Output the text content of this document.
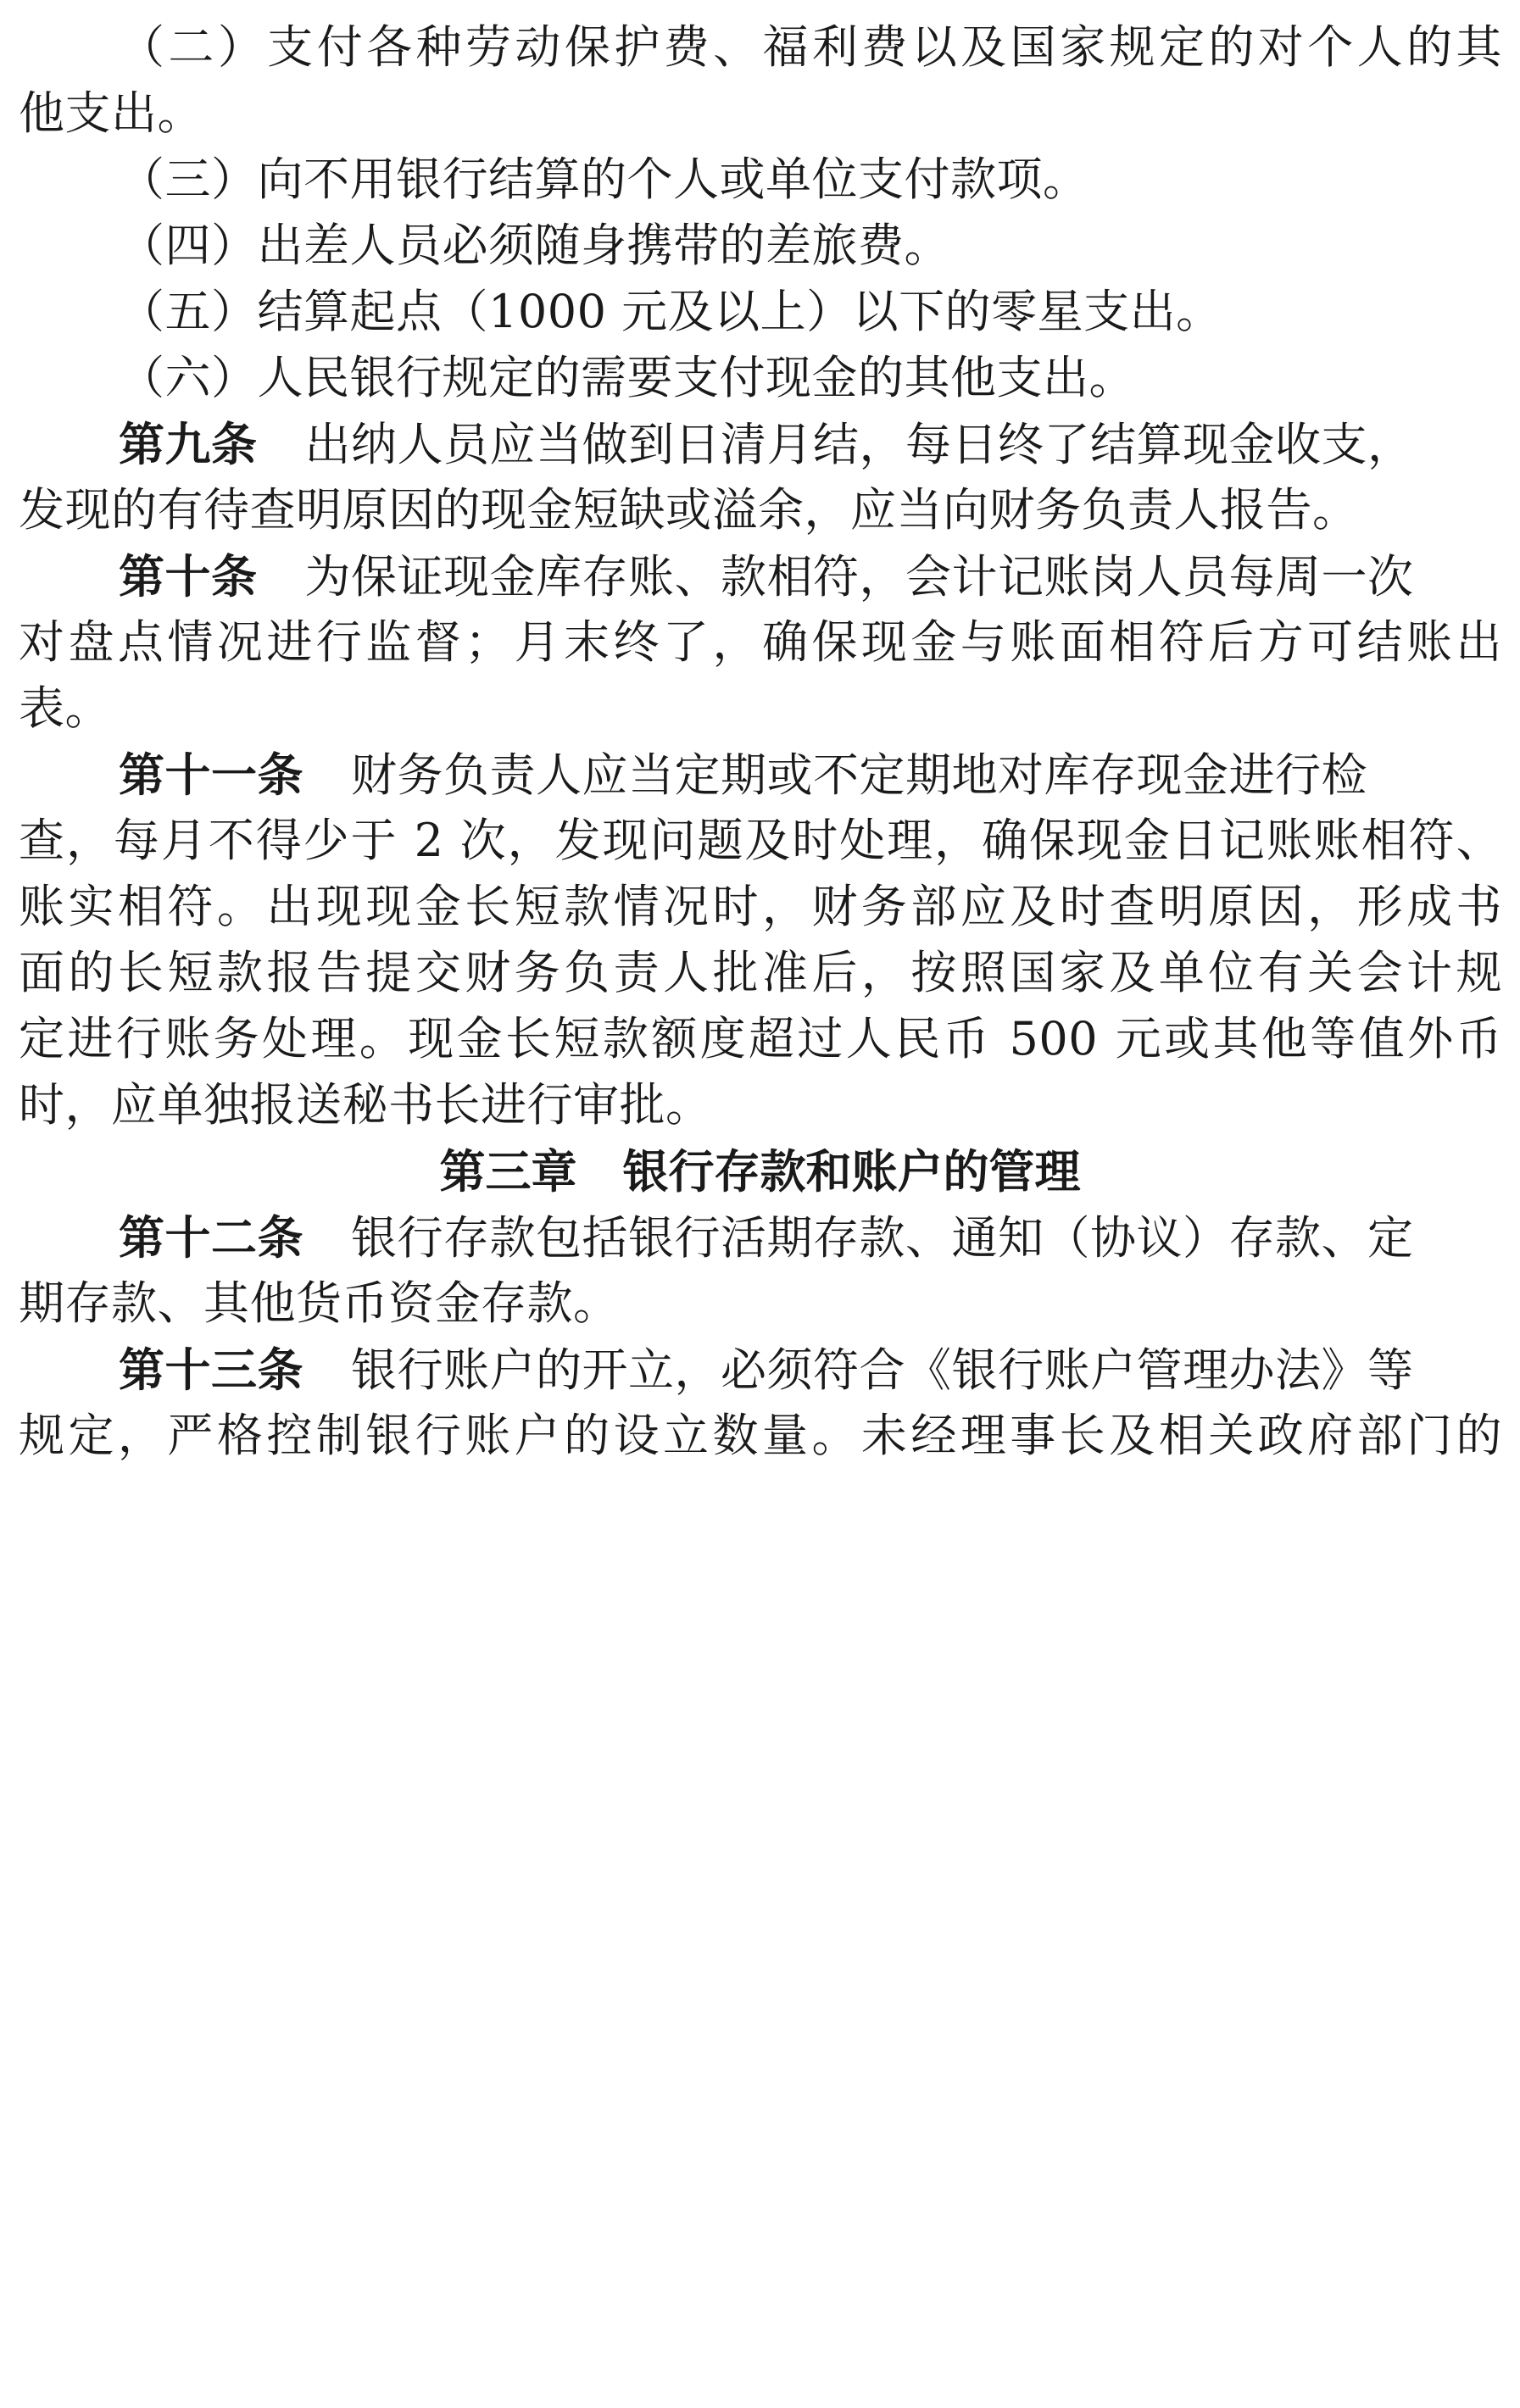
（二）支付各种劳动保护费、福利费以及国家规定的对个人的其
他支出。
（三）向不用银行结算的个人或单位支付款项。
（四）出差人员必须随身携带的差旅费。
（五）结算起点（1000 元及以上）以下的零星支出。
（六）人民银行规定的需要支付现金的其他支出。
第九条 出纳人员应当做到日清月结，每日终了结算现金收支，
发现的有待查明原因的现金短缺或溢余，应当向财务负责人报告。
第十条 为保证现金库存账、款相符，会计记账岗人员每周一次
对盘点情况进行监督；月末终了，确保现金与账面相符后方可结账出
表。
第十一条 财务负责人应当定期或不定期地对库存现金进行检
查，每月不得少于 2 次，发现问题及时处理，确保现金日记账账相符、
账实相符。出现现金长短款情况时，财务部应及时查明原因，形成书
面的长短款报告提交财务负责人批准后，按照国家及单位有关会计规
定进行账务处理。现金长短款额度超过人民币 500 元或其他等值外币
时，应单独报送秘书长进行审批。
第三章　银行存款和账户的管理
第十二条 银行存款包括银行活期存款、通知（协议）存款、定
期存款、其他货币资金存款。
第十三条 银行账户的开立，必须符合《银行账户管理办法》等
规定，严格控制银行账户的设立数量。未经理事长及相关政府部门的
